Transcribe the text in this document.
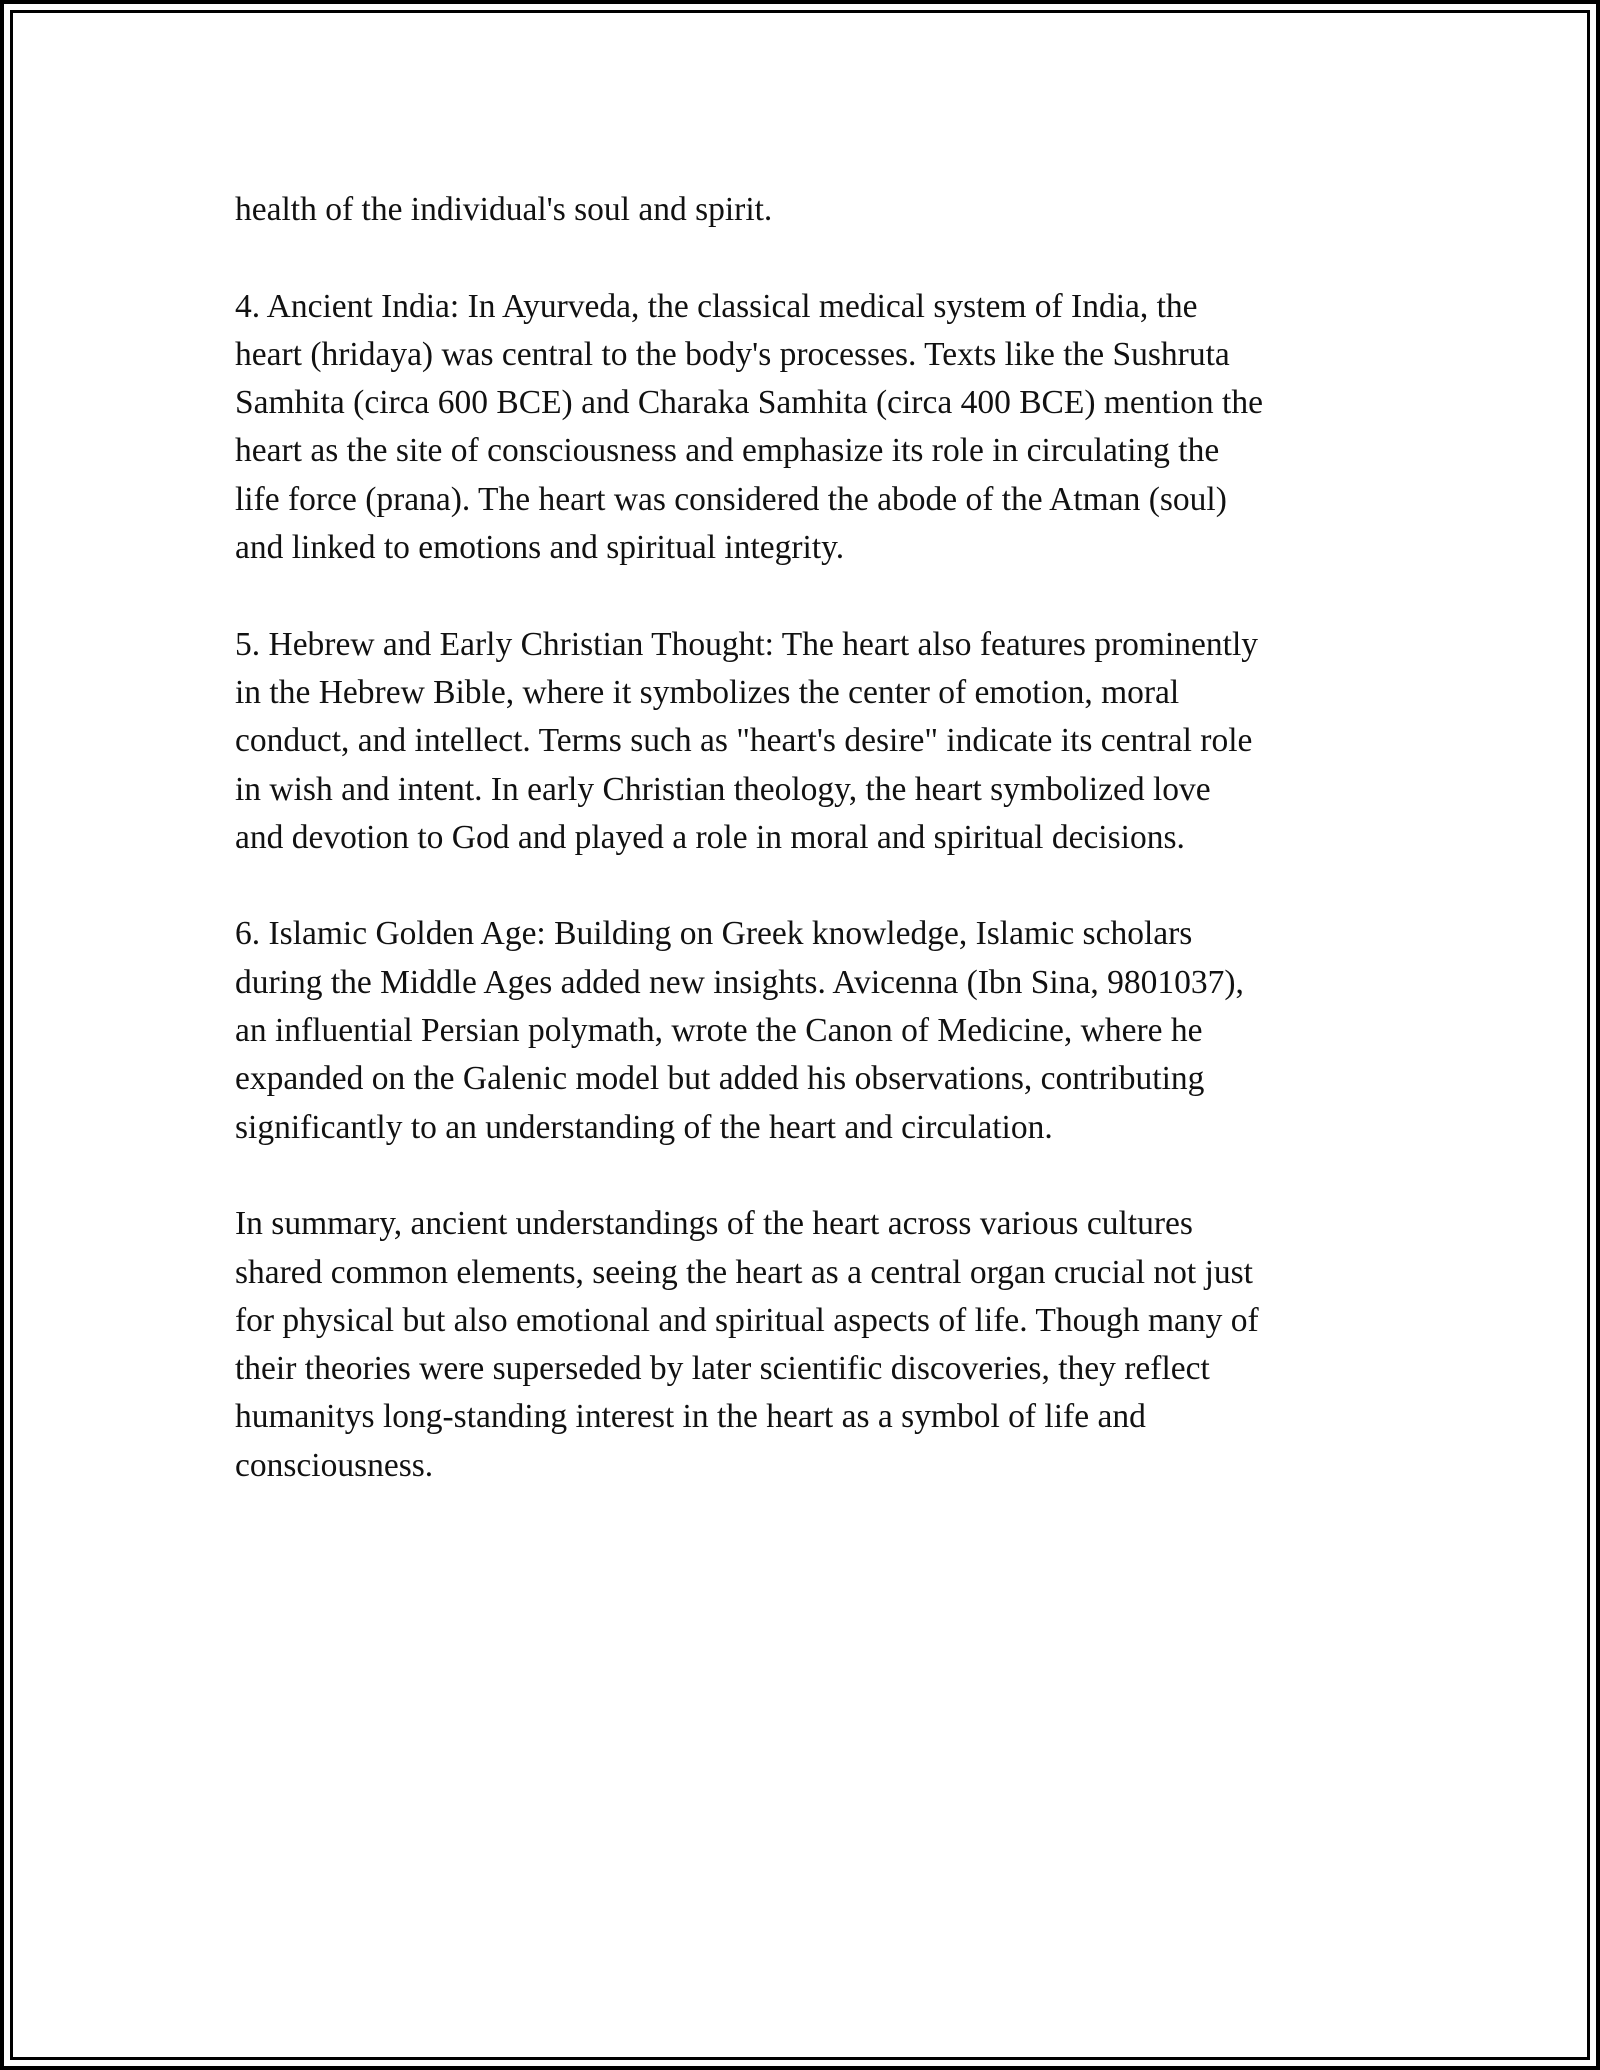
health of the individual's soul and spirit.

4. Ancient India: In Ayurveda, the classical medical system of India, the
heart (hridaya) was central to the body's processes. Texts like the Sushruta
Samhita (circa 600 BCE) and Charaka Samhita (circa 400 BCE) mention the
heart as the site of consciousness and emphasize its role in circulating the
life force (prana). The heart was considered the abode of the Atman (soul)
and linked to emotions and spiritual integrity.

5. Hebrew and Early Christian Thought: The heart also features prominently
in the Hebrew Bible, where it symbolizes the center of emotion, moral
conduct, and intellect. Terms such as "heart's desire" indicate its central role
in wish and intent. In early Christian theology, the heart symbolized love
and devotion to God and played a role in moral and spiritual decisions.

6. Islamic Golden Age: Building on Greek knowledge, Islamic scholars
during the Middle Ages added new insights. Avicenna (Ibn Sina, 9801037),
an influential Persian polymath, wrote the Canon of Medicine, where he
expanded on the Galenic model but added his observations, contributing
significantly to an understanding of the heart and circulation.

In summary, ancient understandings of the heart across various cultures
shared common elements, seeing the heart as a central organ crucial not just
for physical but also emotional and spiritual aspects of life. Though many of
their theories were superseded by later scientific discoveries, they reflect
humanitys long-standing interest in the heart as a symbol of life and
consciousness.
